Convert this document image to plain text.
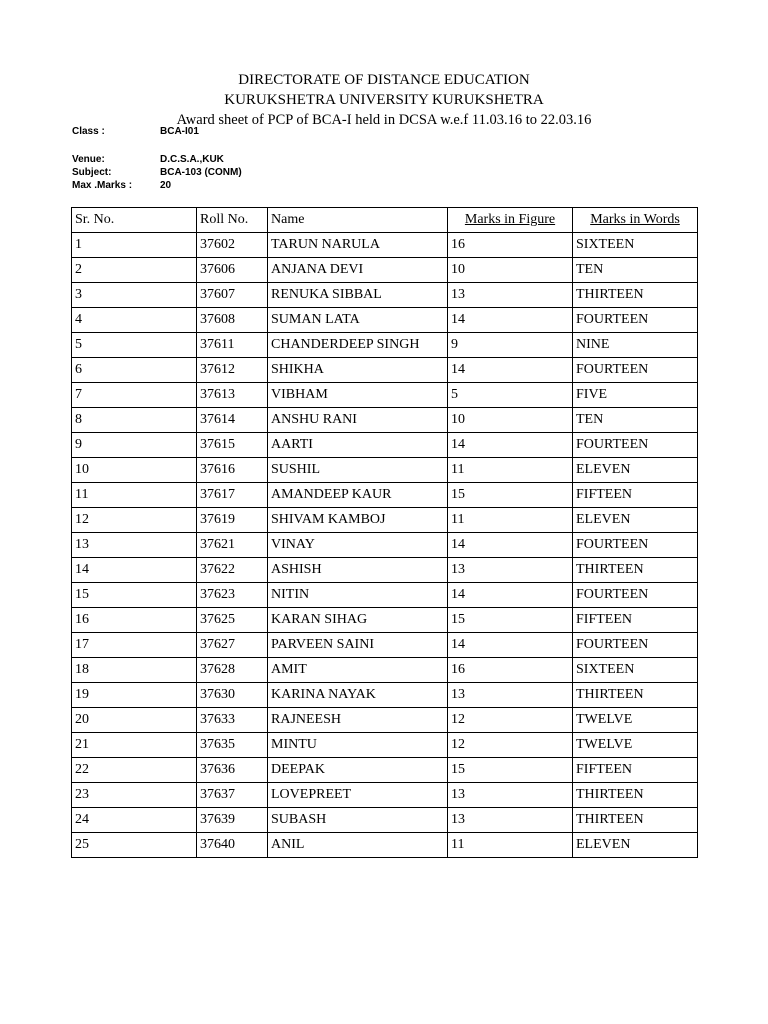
DIRECTORATE OF DISTANCE EDUCATION
KURUKSHETRA UNIVERSITY KURUKSHETRA
Award sheet of PCP of BCA-I held in DCSA w.e.f 11.03.16 to 22.03.16
Class :	BCA-I01
Venue:	D.C.S.A.,KUK
Subject:	BCA-103 (CONM)
Max .Marks :	20
Sr. No.	Roll No.	Name	Marks in Figure	Marks in Words
1	37602	TARUN NARULA	16	SIXTEEN
2	37606	ANJANA DEVI	10	TEN
3	37607	RENUKA SIBBAL	13	THIRTEEN
4	37608	SUMAN LATA	14	FOURTEEN
5	37611	CHANDERDEEP SINGH	9	NINE
6	37612	SHIKHA	14	FOURTEEN
7	37613	VIBHAM	5	FIVE
8	37614	ANSHU RANI	10	TEN
9	37615	AARTI	14	FOURTEEN
10	37616	SUSHIL	11	ELEVEN
11	37617	AMANDEEP KAUR	15	FIFTEEN
12	37619	SHIVAM KAMBOJ	11	ELEVEN
13	37621	VINAY	14	FOURTEEN
14	37622	ASHISH	13	THIRTEEN
15	37623	NITIN	14	FOURTEEN
16	37625	KARAN SIHAG	15	FIFTEEN
17	37627	PARVEEN SAINI	14	FOURTEEN
18	37628	AMIT	16	SIXTEEN
19	37630	KARINA NAYAK	13	THIRTEEN
20	37633	RAJNEESH	12	TWELVE
21	37635	MINTU	12	TWELVE
22	37636	DEEPAK	15	FIFTEEN
23	37637	LOVEPREET	13	THIRTEEN
24	37639	SUBASH	13	THIRTEEN
25	37640	ANIL	11	ELEVEN
